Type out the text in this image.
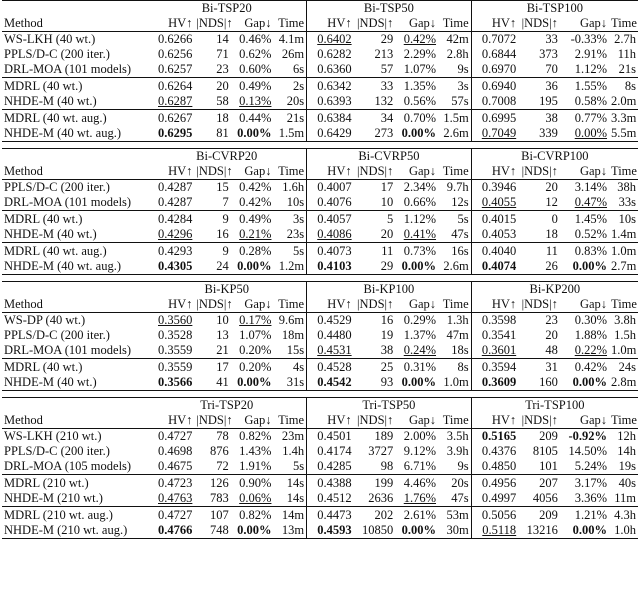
	Bi-TSP20				Bi-TSP50				Bi-TSP100			
Method	HV↑	|NDS|↑	Gap↓	Time	HV↑	|NDS|↑	Gap↓	Time	HV↑	|NDS|↑	Gap↓	Time
WS-LKH (40 wt.)	0.6266	14	0.46%	4.1m	0.6402	29	0.42%	42m	0.7072	33	-0.33%	2.7h
PPLS/D-C (200 iter.)	0.6256	71	0.62%	26m	0.6282	213	2.29%	2.8h	0.6844	373	2.91%	11h
DRL-MOA (101 models)	0.6257	23	0.60%	6s	0.6360	57	1.07%	9s	0.6970	70	1.12%	21s
MDRL (40 wt.)	0.6264	20	0.49%	2s	0.6342	33	1.35%	3s	0.6940	36	1.55%	8s
NHDE-M (40 wt.)	0.6287	58	0.13%	20s	0.6393	132	0.56%	57s	0.7008	195	0.58%	2.0m
MDRL (40 wt. aug.)	0.6267	18	0.44%	21s	0.6384	34	0.70%	1.5m	0.6995	38	0.77%	3.3m
NHDE-M (40 wt. aug.)	0.6295	81	0.00%	1.5m	0.6429	273	0.00%	2.6m	0.7049	339	0.00%	5.5m

	Bi-CVRP20				Bi-CVRP50				Bi-CVRP100			
Method	HV↑	|NDS|↑	Gap↓	Time	HV↑	|NDS|↑	Gap↓	Time	HV↑	|NDS|↑	Gap↓	Time
PPLS/D-C (200 iter.)	0.4287	15	0.42%	1.6h	0.4007	17	2.34%	9.7h	0.3946	20	3.14%	38h
DRL-MOA (101 models)	0.4287	7	0.42%	10s	0.4076	10	0.66%	12s	0.4055	12	0.47%	33s
MDRL (40 wt.)	0.4284	9	0.49%	3s	0.4057	5	1.12%	5s	0.4015	0	1.45%	10s
NHDE-M (40 wt.)	0.4296	16	0.21%	23s	0.4086	20	0.41%	47s	0.4053	18	0.52%	1.4m
MDRL (40 wt. aug.)	0.4293	9	0.28%	5s	0.4073	11	0.73%	16s	0.4040	11	0.83%	1.0m
NHDE-M (40 wt. aug.)	0.4305	24	0.00%	1.2m	0.4103	29	0.00%	2.6m	0.4074	26	0.00%	2.7m

	Bi-KP50				Bi-KP100				Bi-KP200			
Method	HV↑	|NDS|↑	Gap↓	Time	HV↑	|NDS|↑	Gap↓	Time	HV↑	|NDS|↑	Gap↓	Time
WS-DP (40 wt.)	0.3560	10	0.17%	9.6m	0.4529	16	0.29%	1.3h	0.3598	23	0.30%	3.8h
PPLS/D-C (200 iter.)	0.3528	13	1.07%	18m	0.4480	19	1.37%	47m	0.3541	20	1.88%	1.5h
DRL-MOA (101 models)	0.3559	21	0.20%	15s	0.4531	38	0.24%	18s	0.3601	48	0.22%	1.0m
MDRL (40 wt.)	0.3559	17	0.20%	4s	0.4528	25	0.31%	8s	0.3594	31	0.42%	24s
NHDE-M (40 wt.)	0.3566	41	0.00%	31s	0.4542	93	0.00%	1.0m	0.3609	160	0.00%	2.8m

	Tri-TSP20				Tri-TSP50				Tri-TSP100			
Method	HV↑	|NDS|↑	Gap↓	Time	HV↑	|NDS|↑	Gap↓	Time	HV↑	|NDS|↑	Gap↓	Time
WS-LKH (210 wt.)	0.4727	78	0.82%	23m	0.4501	189	2.00%	3.5h	0.5165	209	-0.92%	12h
PPLS/D-C (200 iter.)	0.4698	876	1.43%	1.4h	0.4174	3727	9.12%	3.9h	0.4376	8105	14.50%	14h
DRL-MOA (105 models)	0.4675	72	1.91%	5s	0.4285	98	6.71%	9s	0.4850	101	5.24%	19s
MDRL (210 wt.)	0.4723	126	0.90%	14s	0.4388	199	4.46%	20s	0.4956	207	3.17%	40s
NHDE-M (210 wt.)	0.4763	783	0.06%	14s	0.4512	2636	1.76%	47s	0.4997	4056	3.36%	11m
MDRL (210 wt. aug.)	0.4727	107	0.82%	14m	0.4473	202	2.61%	53m	0.5056	209	1.21%	4.3h
NHDE-M (210 wt. aug.)	0.4766	748	0.00%	13m	0.4593	10850	0.00%	30m	0.5118	13216	0.00%	1.0h
